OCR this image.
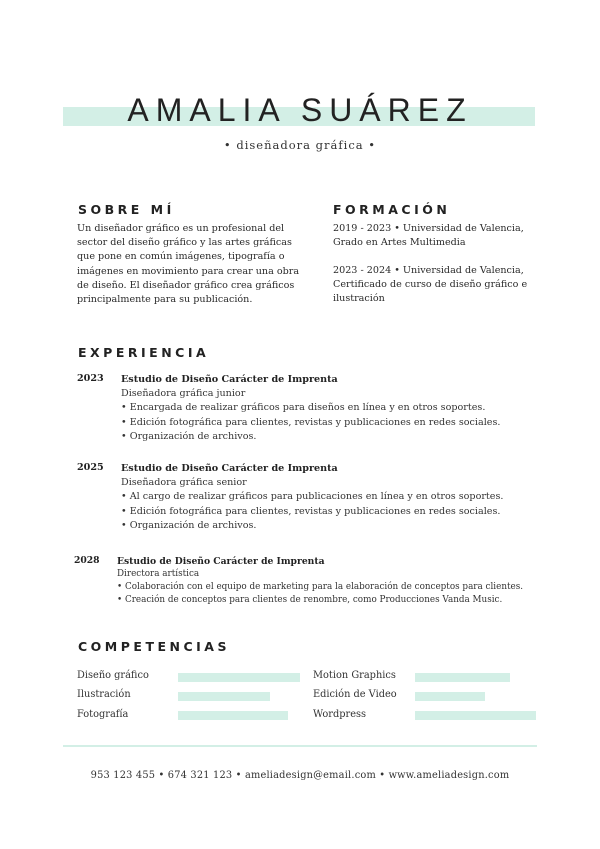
AMALIA SUÁREZ
• diseñadora gráfica •
SOBRE MÍ
Un diseñador gráfico es un profesional del
sector del diseño gráfico y las artes gráficas
que pone en común imágenes, tipografía o
imágenes en movimiento para crear una obra
de diseño. El diseñador gráfico crea gráficos
principalmente para su publicación.
FORMACIÓN
2019 - 2023 • Universidad de Valencia,
Grado en Artes Multimedia
2023 - 2024 • Universidad de Valencia,
Certificado de curso de diseño gráfico e
ilustración
EXPERIENCIA
2023 Estudio de Diseño Carácter de Imprenta
Diseñadora gráfica junior
• Encargada de realizar gráficos para diseños en línea y en otros soportes.
• Edición fotográfica para clientes, revistas y publicaciones en redes sociales.
• Organización de archivos.
2025 Estudio de Diseño Carácter de Imprenta
Diseñadora gráfica senior
• Al cargo de realizar gráficos para publicaciones en línea y en otros soportes.
• Edición fotográfica para clientes, revistas y publicaciones en redes sociales.
• Organización de archivos.
2028 Estudio de Diseño Carácter de Imprenta
Directora artística
• Colaboración con el equipo de marketing para la elaboración de conceptos para clientes.
• Creación de conceptos para clientes de renombre, como Producciones Vanda Music.
COMPETENCIAS
Diseño gráfico
Ilustración
Fotografía
Motion Graphics
Edición de Video
Wordpress
953 123 455 • 674 321 123 • ameliadesign@email.com • www.ameliadesign.com
